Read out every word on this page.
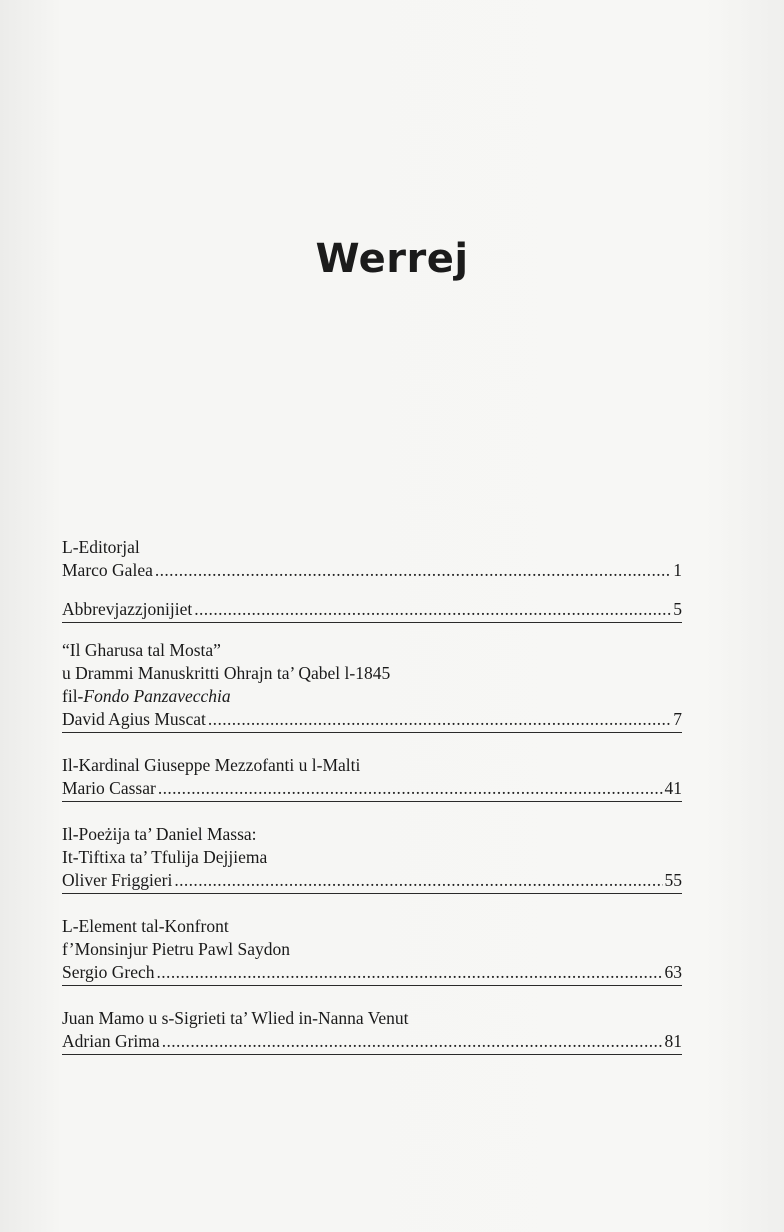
Werrej
L-Editorjal
Marco Galea .....	1
Abbrevjazzjonijiet .....	5
“Il Gharusa tal Mosta”
u Drammi Manuskritti Ohrajn ta’ Qabel l-1845
fil-Fondo Panzavecchia
David Agius Muscat .....	7
Il-Kardinal Giuseppe Mezzofanti u l-Malti
Mario Cassar .....	41
Il-Poeżija ta’ Daniel Massa:
It-Tiftixa ta’ Tfulija Dejjiema
Oliver Friggieri .....	55
L-Element tal-Konfront
f’Monsinjur Pietru Pawl Saydon
Sergio Grech .....	63
Juan Mamo u s-Sigrieti ta’ Wlied in-Nanna Venut
Adrian Grima .....	81
